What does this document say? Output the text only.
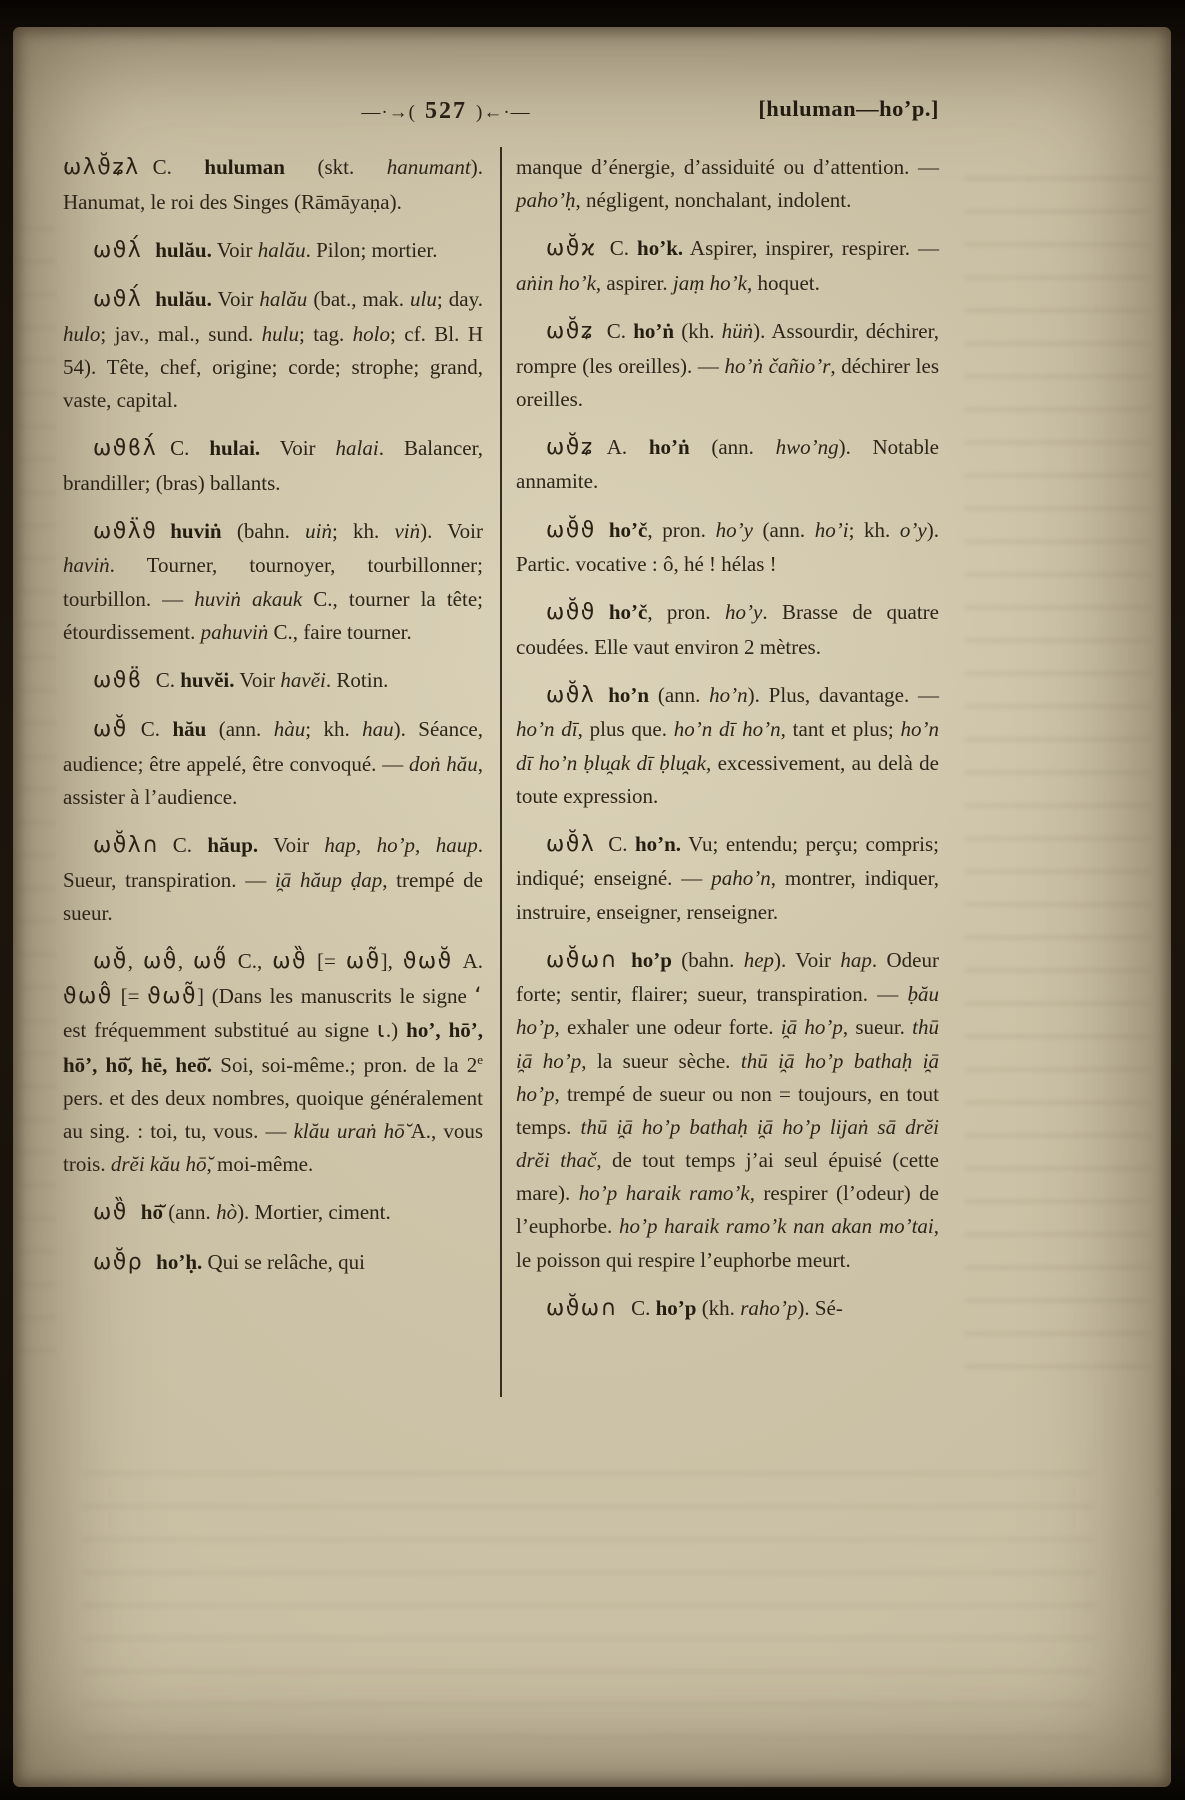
—·→( 527 )←·—	[huluman—hoʼp.]

ωλϑ̆ʑλ C. huluman (skt. hanumant). Hanumat, le roi des Singes (Rāmāyaṇa).

ωϑλ́ hulău. Voir halău. Pilon; mortier.

ωϑλ́ hulău. Voir halău (bat., mak. ulu; day. hulo; jav., mal., sund. hulu; tag. holo; cf. Bl. H 54). Tête, chef, origine; corde; strophe; grand, vaste, capital.

ωϑϐλ́ C. hulai. Voir halai. Balancer, brandiller; (bras) ballants.

ωϑλ̈ϑ huviṅ (bahn. uiṅ; kh. viṅ). Voir haviṅ. Tourner, tournoyer, tourbillonner; tourbillon. — huviṅ akauk C., tourner la tête; étourdissement. pahuviṅ C., faire tourner.

ωϑϐ̈ C. huvĕi. Voir havĕi. Rotin.

ωϑ̆ C. hău (ann. hàu; kh. hau). Séance, audience; être appelé, être convoqué. — doṅ hău, assister à l’audience.

ωϑ̆λ∩ C. hăup. Voir hap, hoʼp, haup. Sueur, transpiration. — i̯ā hăup ḍap, trempé de sueur.

ωϑ̆, ωϑ̂, ωϑ̋ C., ωϑ̏ [= ωϑ̃], ϑωϑ̆ A. ϑωϑ̂ [= ϑωϑ̃] (Dans les manuscrits le signe ʻ est fréquemment substitué au signe ɩ.) hoʼ, hōʼ, hōʼ, hō̆, hē, heō̆. Soi, soi-même.; pron. de la 2e pers. et des deux nombres, quoique généralement au sing. : toi, tu, vous. — klău uraṅ hō̆ A., vous trois. drĕi kău hō̆, moi-même.

ωϑ̏ hō̆ (ann. hò). Mortier, ciment.

ωϑ̆ρ hoʼḥ. Qui se relâche, qui

manque d’énergie, d’assiduité ou d’attention. — pahoʼḥ, négligent, nonchalant, indolent.

ωϑ̆ϰ C. hoʼk. Aspirer, inspirer, respirer. — aṅin hoʼk, aspirer. jaṃ hoʼk, hoquet.

ωϑ̆ʑ C. hoʼṅ (kh. hüṅ). Assourdir, déchirer, rompre (les oreilles). — hoʼṅ čañioʼr, déchirer les oreilles.

ωϑ̆ʑ A. hoʼṅ (ann. hwoʼng). Notable annamite.

ωϑ̆ϑ hoʼč, pron. hoʼy (ann. hoʼi; kh. oʼy). Partic. vocative : ô, hé ! hélas !

ωϑ̆ϑ hoʼč, pron. hoʼy. Brasse de quatre coudées. Elle vaut environ 2 mètres.

ωϑ̆λ hoʼn (ann. hoʼn). Plus, davantage. — hoʼn dī, plus que. hoʼn dī hoʼn, tant et plus; hoʼn dī hoʼn ḅlu̯ak dī ḅlu̯ak, excessivement, au delà de toute expression.

ωϑ̆λ C. hoʼn. Vu; entendu; perçu; compris; indiqué; enseigné. — pahoʼn, montrer, indiquer, instruire, enseigner, renseigner.

ωϑ̆ω∩ hoʼp (bahn. hep). Voir hap. Odeur forte; sentir, flairer; sueur, transpiration. — ḅău hoʼp, exhaler une odeur forte. i̯ā hoʼp, sueur. thū i̯ā hoʼp, la sueur sèche. thū i̯ā hoʼp bathaḥ i̯ā hoʼp, trempé de sueur ou non = toujours, en tout temps. thū i̯ā hoʼp bathaḥ i̯ā hoʼp lijaṅ sā drĕi drĕi thač, de tout temps j’ai seul épuisé (cette mare). hoʼp haraik ramoʼk, respirer (l’odeur) de l’euphorbe. hoʼp haraik ramoʼk nan akan moʼtai, le poisson qui respire l’euphorbe meurt.

ωϑ̆ω∩ C. hoʼp (kh. rahoʼp). Sé-
